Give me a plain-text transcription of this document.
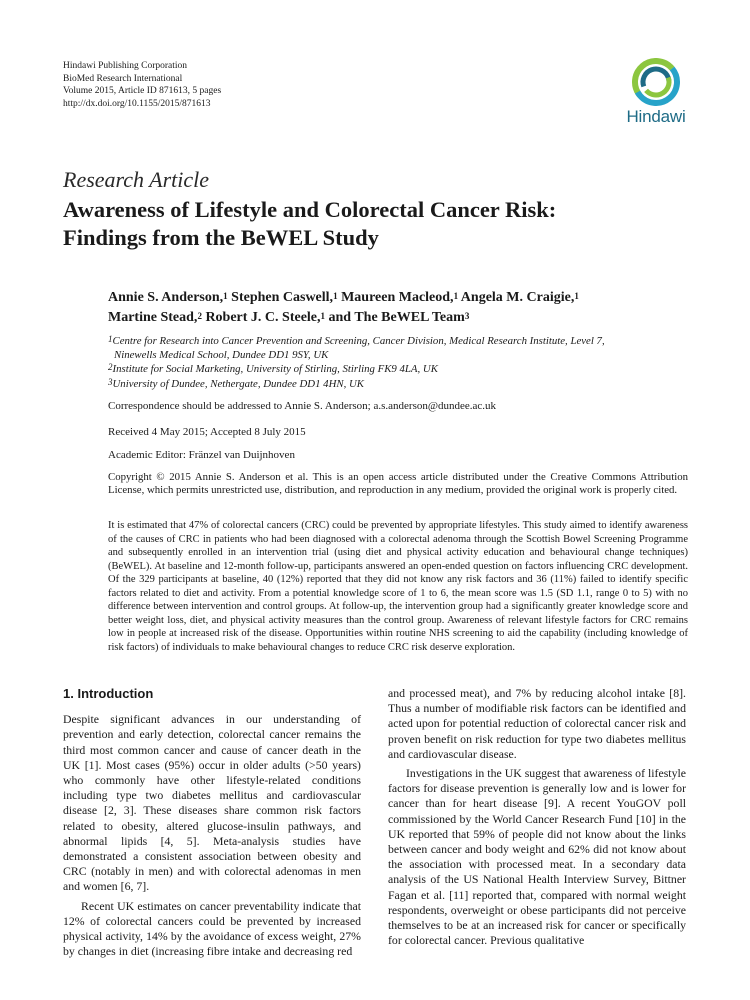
Hindawi Publishing Corporation
BioMed Research International
Volume 2015, Article ID 871613, 5 pages
http://dx.doi.org/10.1155/2015/871613
Hindawi
Research Article
Awareness of Lifestyle and Colorectal Cancer Risk:
Findings from the BeWEL Study
Annie S. Anderson,$^1$ Stephen Caswell,$^1$ Maureen Macleod,$^1$ Angela M. Craigie,$^1$
Martine Stead,$^2$ Robert J. C. Steele,$^1$ and The BeWEL Team$^3$
$^1$Centre for Research into Cancer Prevention and Screening, Cancer Division, Medical Research Institute, Level 7,
Ninewells Medical School, Dundee DD1 9SY, UK
$^2$Institute for Social Marketing, University of Stirling, Stirling FK9 4LA, UK
$^3$University of Dundee, Nethergate, Dundee DD1 4HN, UK
Correspondence should be addressed to Annie S. Anderson; a.s.anderson@dundee.ac.uk
Received 4 May 2015; Accepted 8 July 2015
Academic Editor: Fränzel van Duijnhoven
Copyright © 2015 Annie S. Anderson et al. This is an open access article distributed under the Creative Commons Attribution License, which permits unrestricted use, distribution, and reproduction in any medium, provided the original work is properly cited.
It is estimated that 47% of colorectal cancers (CRC) could be prevented by appropriate lifestyles. This study aimed to identify awareness of the causes of CRC in patients who had been diagnosed with a colorectal adenoma through the Scottish Bowel Screening Programme and subsequently enrolled in an intervention trial (using diet and physical activity education and behavioural change techniques) (BeWEL). At baseline and 12-month follow-up, participants answered an open-ended question on factors influencing CRC development. Of the 329 participants at baseline, 40 (12%) reported that they did not know any risk factors and 36 (11%) failed to identify specific factors related to diet and activity. From a potential knowledge score of 1 to 6, the mean score was 1.5 (SD 1.1, range 0 to 5) with no difference between intervention and control groups. At follow-up, the intervention group had a significantly greater knowledge score and better weight loss, diet, and physical activity measures than the control group. Awareness of relevant lifestyle factors for CRC remains low in people at increased risk of the disease. Opportunities within routine NHS screening to aid the capability (including knowledge of risk factors) of individuals to make behavioural changes to reduce CRC risk deserve exploration.
1. Introduction

Despite significant advances in our understanding of prevention and early detection, colorectal cancer remains the third most common cancer and cause of cancer death in the UK [1]. Most cases (95%) occur in older adults (>50 years) who commonly have other lifestyle-related conditions including type two diabetes mellitus and cardiovascular disease [2, 3]. These diseases share common risk factors related to obesity, altered glucose-insulin pathways, and abnormal lipids [4, 5]. Meta-analysis studies have demonstrated a consistent association between obesity and CRC (notably in men) and with colorectal adenomas in men and women [6, 7].

Recent UK estimates on cancer preventability indicate that 12% of colorectal cancers could be prevented by increased physical activity, 14% by the avoidance of excess weight, 27% by changes in diet (increasing fibre intake and decreasing red

and processed meat), and 7% by reducing alcohol intake [8]. Thus a number of modifiable risk factors can be identified and acted upon for potential reduction of colorectal cancer risk and proven benefit on risk reduction for type two diabetes mellitus and cardiovascular disease.

Investigations in the UK suggest that awareness of lifestyle factors for disease prevention is generally low and is lower for cancer than for heart disease [9]. A recent YouGOV poll commissioned by the World Cancer Research Fund [10] in the UK reported that 59% of people did not know about the links between cancer and body weight and 62% did not know about the association with processed meat. In a secondary data analysis of the US National Health Interview Survey, Bittner Fagan et al. [11] reported that, compared with normal weight respondents, overweight or obese participants did not perceive themselves to be at an increased risk for cancer or specifically for colorectal cancer. Previous qualitative
